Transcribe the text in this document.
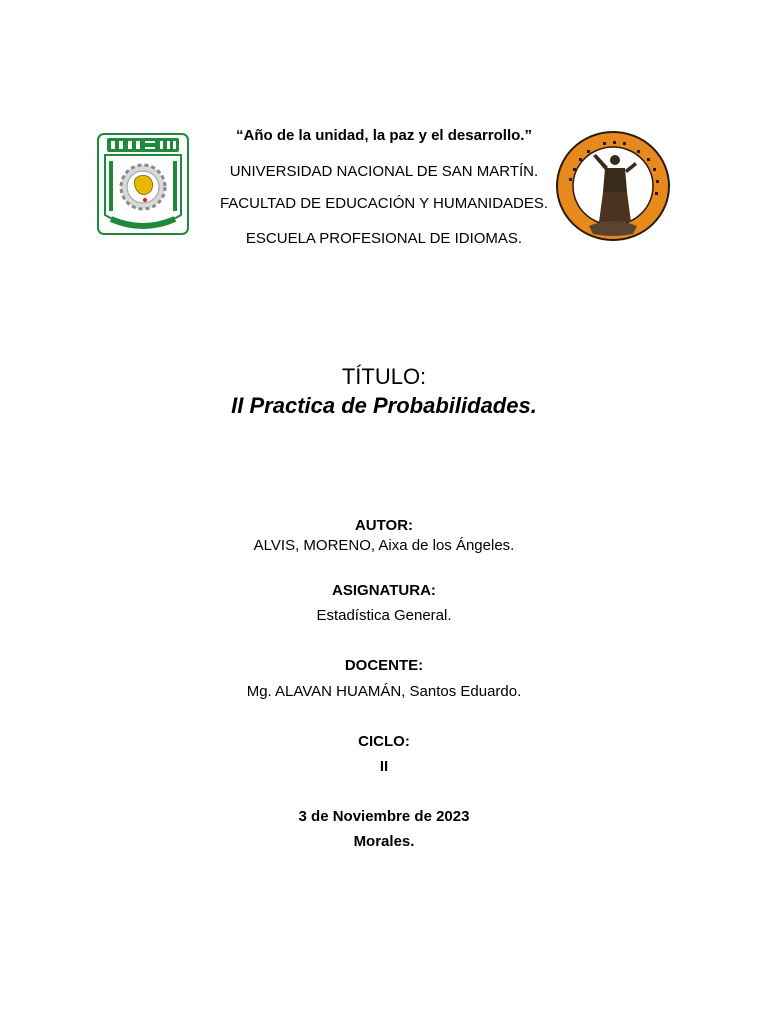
“Año de la unidad, la paz y el desarrollo.”
UNIVERSIDAD NACIONAL DE SAN MARTÍN.
FACULTAD DE EDUCACIÓN Y HUMANIDADES.
ESCUELA PROFESIONAL DE IDIOMAS.
TÍTULO:
II Practica de Probabilidades.
AUTOR:
ALVIS, MORENO, Aixa de los Ángeles.
ASIGNATURA:
Estadística General.
DOCENTE:
Mg. ALAVAN HUAMÁN, Santos Eduardo.
CICLO:
II
3 de Noviembre de 2023
Morales.
